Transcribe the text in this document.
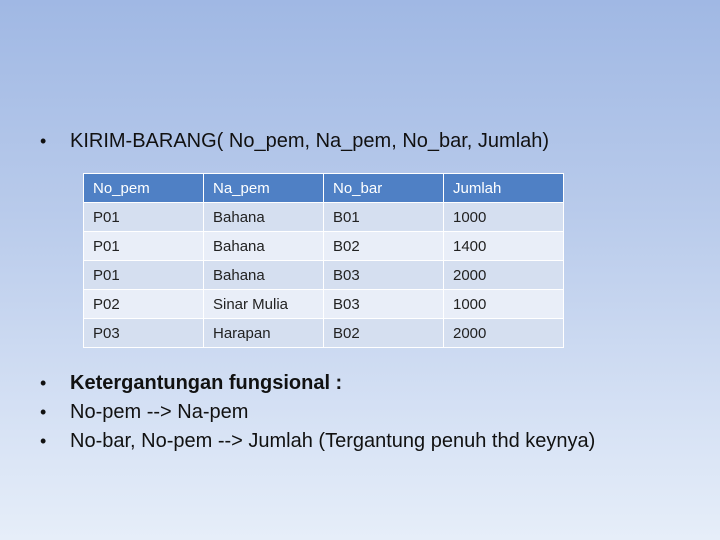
• KIRIM-BARANG( No_pem, Na_pem, No_bar, Jumlah)
No_pem	Na_pem	No_bar	Jumlah
P01	Bahana	B01	1000
P01	Bahana	B02	1400
P01	Bahana	B03	2000
P02	Sinar Mulia	B03	1000
P03	Harapan	B02	2000
• Ketergantungan fungsional :
• No-pem --> Na-pem
• No-bar, No-pem --> Jumlah (Tergantung penuh thd keynya)
